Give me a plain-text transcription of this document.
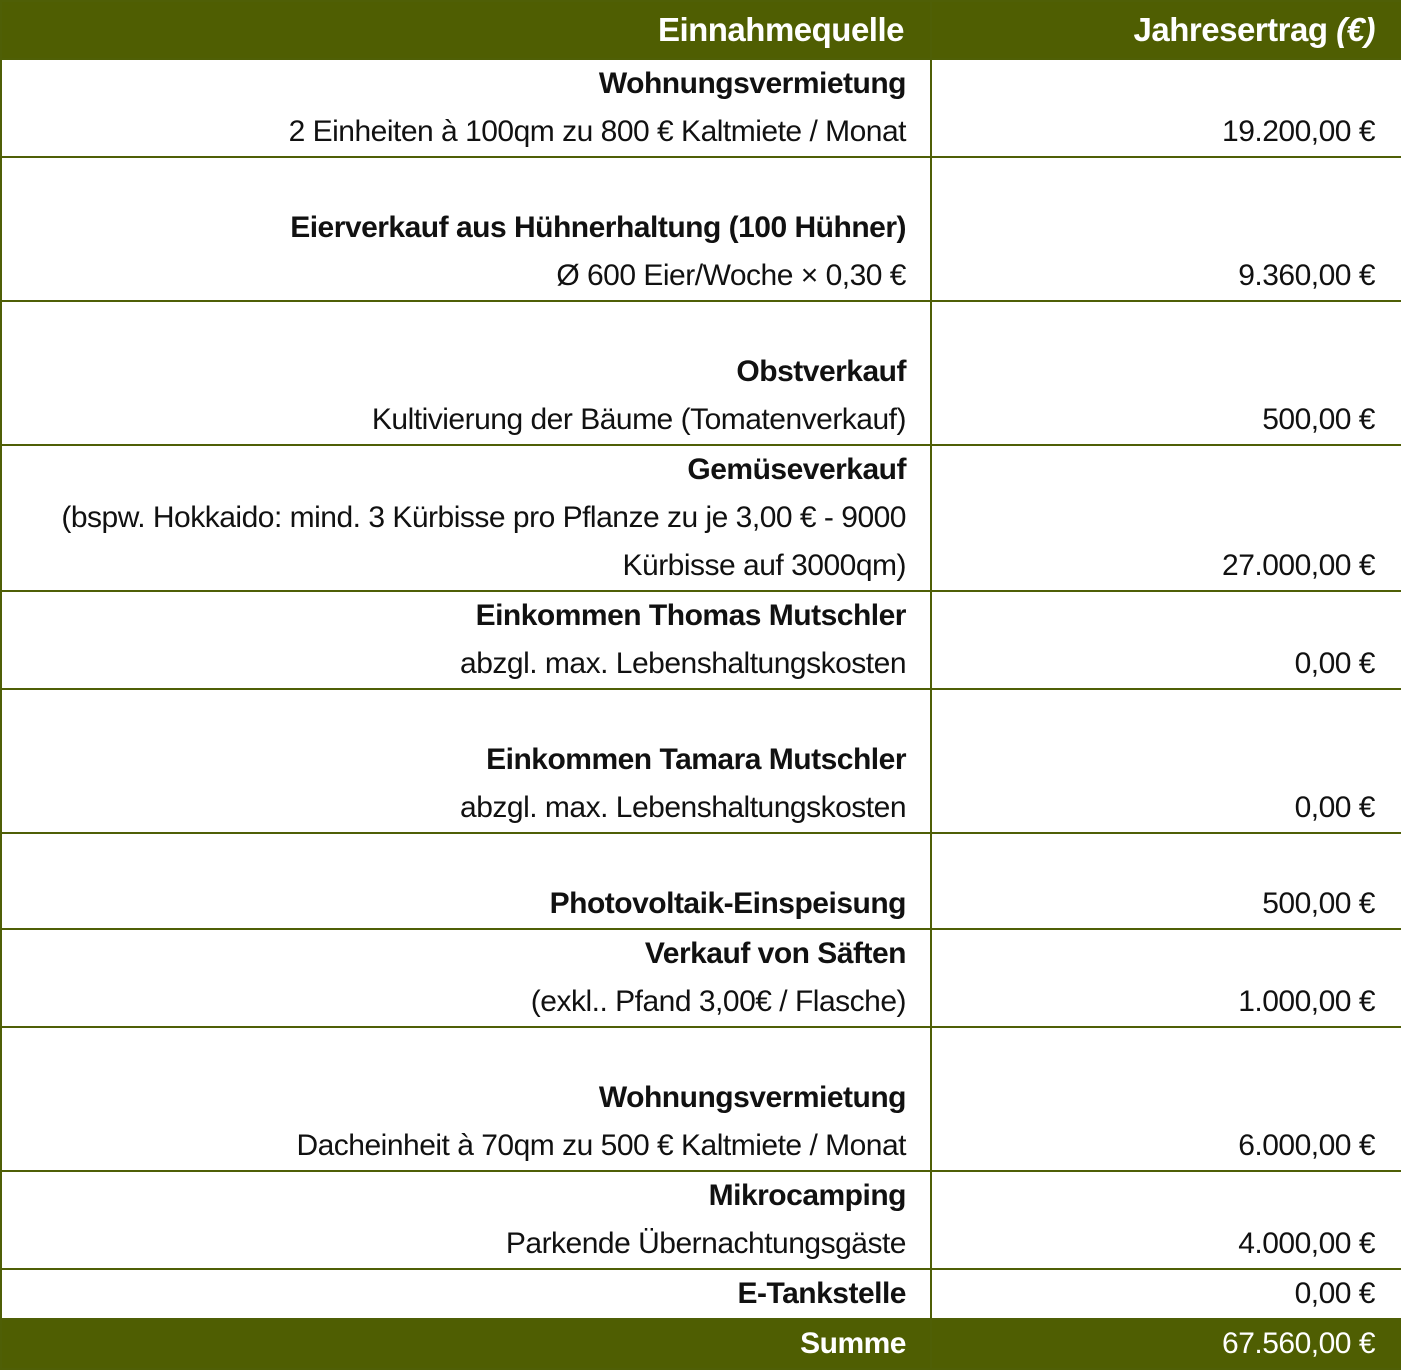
Einnahmequelle	Jahresertrag (€)

Wohnungsvermietung
2 Einheiten à 100qm zu 800 € Kaltmiete / Monat	19.200,00 €

Eierverkauf aus Hühnerhaltung (100 Hühner)
Ø 600 Eier/Woche × 0,30 €	9.360,00 €

Obstverkauf
Kultivierung der Bäume (Tomatenverkauf)	500,00 €

Gemüseverkauf
(bspw. Hokkaido: mind. 3 Kürbisse pro Pflanze zu je 3,00 € - 9000 Kürbisse auf 3000qm)	27.000,00 €

Einkommen Thomas Mutschler
abzgl. max. Lebenshaltungskosten	0,00 €

Einkommen Tamara Mutschler
abzgl. max. Lebenshaltungskosten	0,00 €

Photovoltaik-Einspeisung	500,00 €

Verkauf von Säften
(exkl.. Pfand 3,00€ / Flasche)	1.000,00 €

Wohnungsvermietung
Dacheinheit à 70qm zu 500 € Kaltmiete / Monat	6.000,00 €

Mikrocamping
Parkende Übernachtungsgäste	4.000,00 €

E-Tankstelle	0,00 €
Summe	67.560,00 €
